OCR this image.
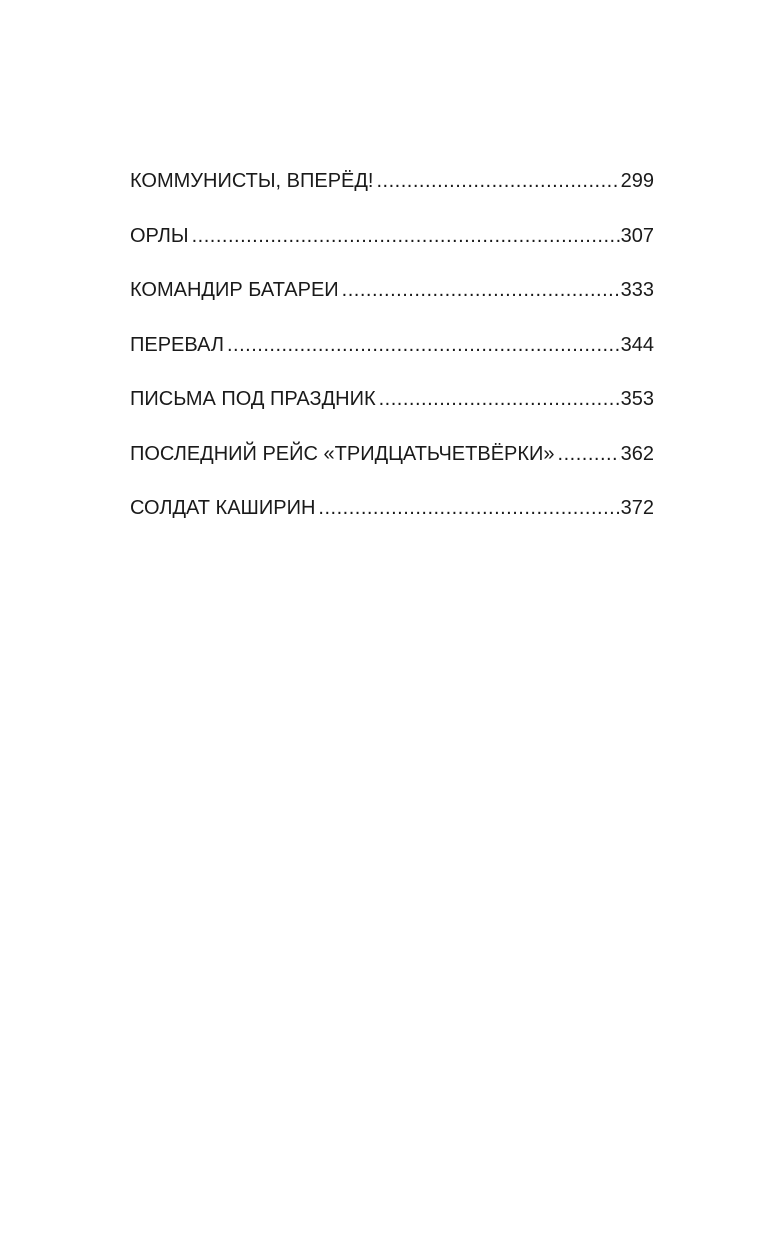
КОММУНИСТЫ, ВПЕРЁД! .....	299
ОРЛЫ .....	307
КОМАНДИР БАТАРЕИ .....	333
ПЕРЕВАЛ .....	344
ПИСЬМА ПОД ПРАЗДНИК .....	353
ПОСЛЕДНИЙ РЕЙС «ТРИДЦАТЬЧЕТВЁРКИ» .....	362
СОЛДАТ КАШИРИН .....	372
